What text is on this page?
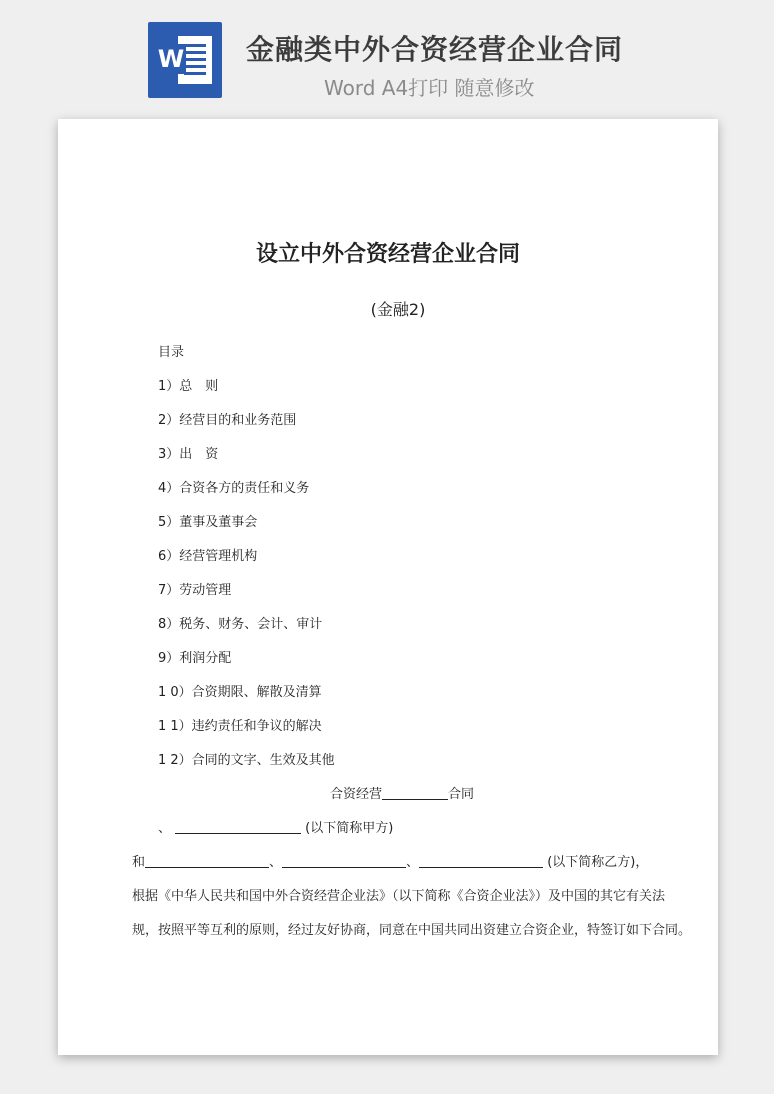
W 金融类中外合资经营企业合同
Word A4打印 随意修改
设立中外合资经营企业合同
(金融2)
目录
1）总　则
2）经营目的和业务范围
3）出　资
4）合资各方的责任和义务
5）董事及董事会
6）经营管理机构
7）劳动管理
8）税务、财务、会计、审计
9）利润分配
1 0）合资期限、解散及清算
1 1）违约责任和争议的解决
1 2）合同的文字、生效及其他
合资经营	合同
、	(以下简称甲方)
和	、	、	(以下简称乙方)，
根据《中华人民共和国中外合资经营企业法》（以下简称《合资企业法》）及中国的其它有关法
规，按照平等互利的原则，经过友好协商，同意在中国共同出资建立合资企业，特签订如下合同。
